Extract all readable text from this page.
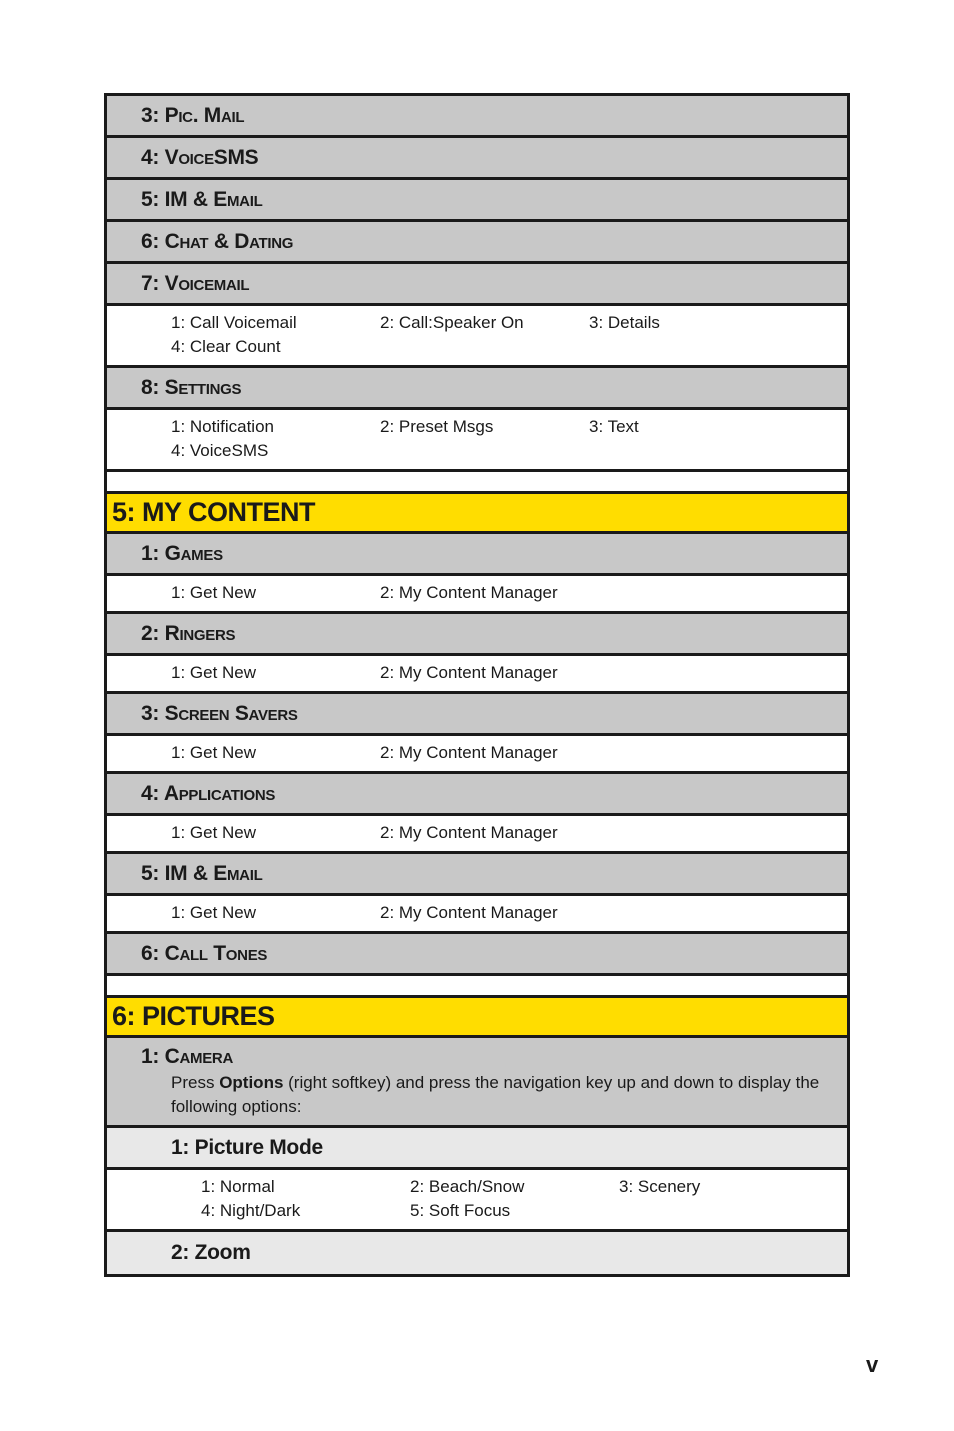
3: Pic. Mail
4: VoiceSMS
5: IM & Email
6: Chat & Dating
7: Voicemail
1: Call Voicemail	2: Call:Speaker On	3: Details
4: Clear Count
8: Settings
1: Notification	2: Preset Msgs	3: Text
4: VoiceSMS
5: MY CONTENT
1: Games
1: Get New	2: My Content Manager
2: Ringers
1: Get New	2: My Content Manager
3: Screen Savers
1: Get New	2: My Content Manager
4: Applications
1: Get New	2: My Content Manager
5: IM & Email
1: Get New	2: My Content Manager
6: Call Tones
6: PICTURES
1: Camera
Press Options (right softkey) and press the navigation key up and down to display the following options:
1: Picture Mode
1: Normal	2: Beach/Snow	3: Scenery
4: Night/Dark	5: Soft Focus
2: Zoom
v
